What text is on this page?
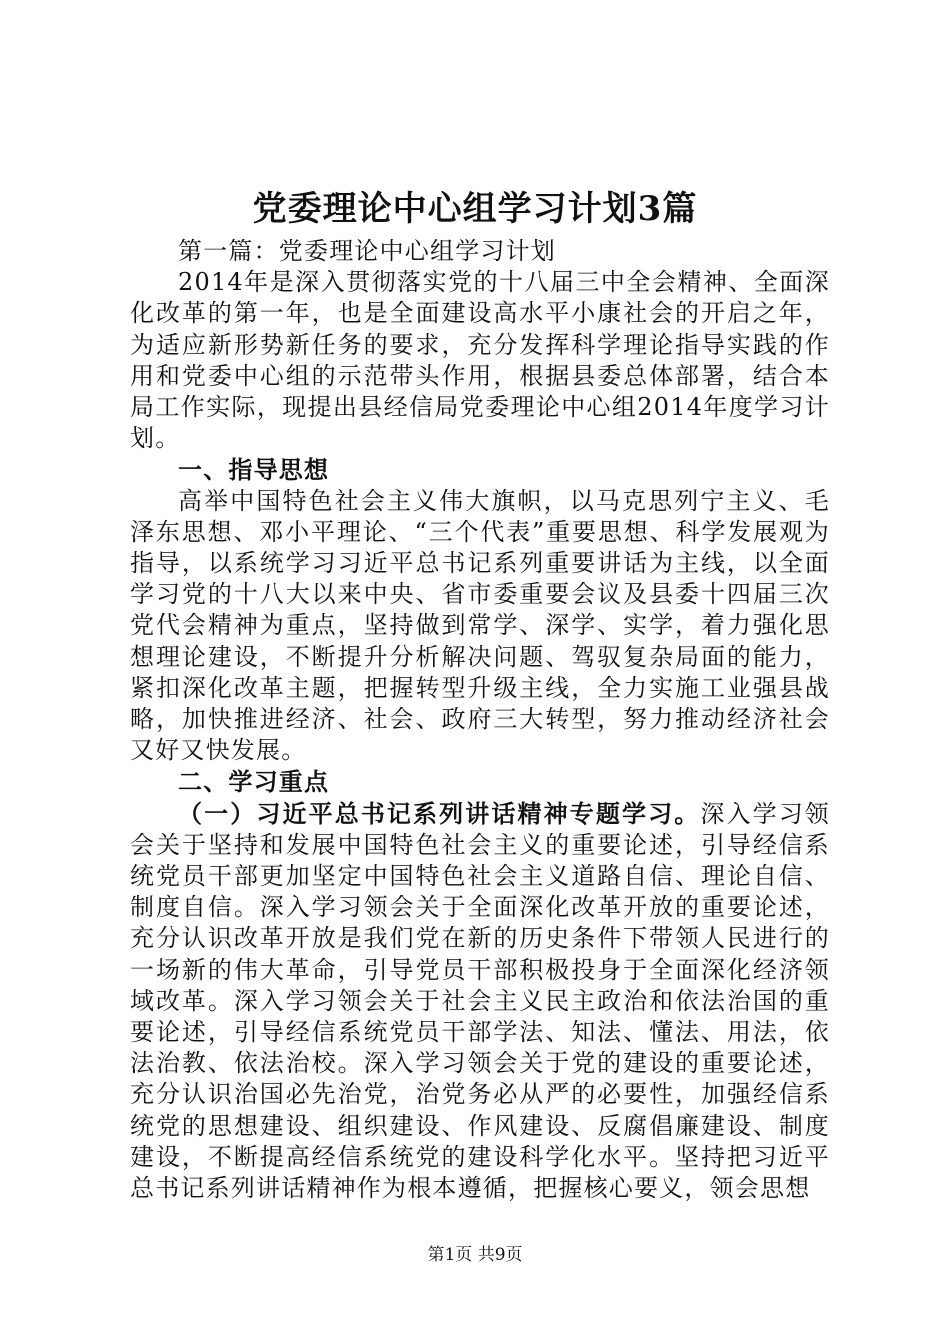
党委理论中心组学习计划3篇

第一篇：党委理论中心组学习计划

2014年是深入贯彻落实党的十八届三中全会精神、全面深化改革的第一年，也是全面建设高水平小康社会的开启之年，为适应新形势新任务的要求，充分发挥科学理论指导实践的作用和党委中心组的示范带头作用，根据县委总体部署，结合本局工作实际，现提出县经信局党委理论中心组2014年度学习计划。

一、指导思想

高举中国特色社会主义伟大旗帜，以马克思列宁主义、毛泽东思想、邓小平理论、“三个代表”重要思想、科学发展观为指导，以系统学习习近平总书记系列重要讲话为主线，以全面学习党的十八大以来中央、省市委重要会议及县委十四届三次党代会精神为重点，坚持做到常学、深学、实学，着力强化思想理论建设，不断提升分析解决问题、驾驭复杂局面的能力，紧扣深化改革主题，把握转型升级主线，全力实施工业强县战略，加快推进经济、社会、政府三大转型，努力推动经济社会又好又快发展。

二、学习重点

（一）习近平总书记系列讲话精神专题学习。深入学习领会关于坚持和发展中国特色社会主义的重要论述，引导经信系统党员干部更加坚定中国特色社会主义道路自信、理论自信、制度自信。深入学习领会关于全面深化改革开放的重要论述，充分认识改革开放是我们党在新的历史条件下带领人民进行的一场新的伟大革命，引导党员干部积极投身于全面深化经济领域改革。深入学习领会关于社会主义民主政治和依法治国的重要论述，引导经信系统党员干部学法、知法、懂法、用法，依法治教、依法治校。深入学习领会关于党的建设的重要论述，充分认识治国必先治党，治党务必从严的必要性，加强经信系统党的思想建设、组织建设、作风建设、反腐倡廉建设、制度建设，不断提高经信系统党的建设科学化水平。坚持把习近平总书记系列讲话精神作为根本遵循，把握核心要义，领会思想

第1页 共9页
